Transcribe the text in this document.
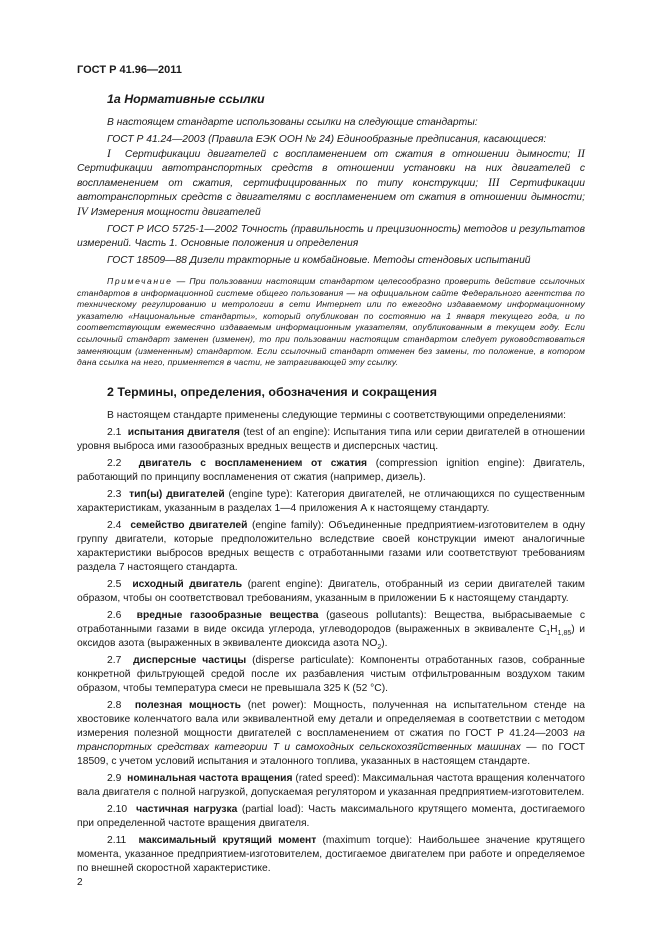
ГОСТ Р 41.96—2011
1а Нормативные ссылки

В настоящем стандарте использованы ссылки на следующие стандарты:

ГОСТ Р 41.24—2003 (Правила ЕЭК ООН № 24) Единообразные предписания, касающиеся:

I Сертификации двигателей с воспламенением от сжатия в отношении дымности; II Сертификации автотранспортных средств в отношении установки на них двигателей с воспламенением от сжатия, сертифицированных по типу конструкции; III Сертификации автотранспортных средств с двигателями с воспламенением от сжатия в отношении дымности; IV Измерения мощности двигателей

ГОСТ Р ИСО 5725-1—2002 Точность (правильность и прецизионность) методов и результатов измерений. Часть 1. Основные положения и определения

ГОСТ 18509—88 Дизели тракторные и комбайновые. Методы стендовых испытаний

Примечание — При пользовании настоящим стандартом целесообразно проверить действие ссылочных стандартов в информационной системе общего пользования — на официальном сайте Федерального агентства по техническому регулированию и метрологии в сети Интернет или по ежегодно издаваемому информационному указателю «Национальные стандарты», который опубликован по состоянию на 1 января текущего года, и по соответствующим ежемесячно издаваемым информационным указателям, опубликованным в текущем году. Если ссылочный стандарт заменен (изменен), то при пользовании настоящим стандартом следует руководствоваться заменяющим (измененным) стандартом. Если ссылочный стандарт отменен без замены, то положение, в котором дана ссылка на него, применяется в части, не затрагивающей эту ссылку.

2 Термины, определения, обозначения и сокращения

В настоящем стандарте применены следующие термины с соответствующими определениями:

2.1 испытания двигателя (test of an engine): Испытания типа или серии двигателей в отношении уровня выброса ими газообразных вредных веществ и дисперсных частиц.

2.2 двигатель с воспламенением от сжатия (compression ignition engine): Двигатель, работающий по принципу воспламенения от сжатия (например, дизель).

2.3 тип(ы) двигателей (engine type): Категория двигателей, не отличающихся по существенным характеристикам, указанным в разделах 1—4 приложения А к настоящему стандарту.

2.4 семейство двигателей (engine family): Объединенные предприятием-изготовителем в одну группу двигатели, которые предположительно вследствие своей конструкции имеют аналогичные характеристики выбросов вредных веществ с отработанными газами или соответствуют требованиям раздела 7 настоящего стандарта.

2.5 исходный двигатель (parent engine): Двигатель, отобранный из серии двигателей таким образом, чтобы он соответствовал требованиям, указанным в приложении Б к настоящему стандарту.

2.6 вредные газообразные вещества (gaseous pollutants): Вещества, выбрасываемые с отработанными газами в виде оксида углерода, углеводородов (выраженных в эквиваленте $C_1H_{1,85}$) и оксидов азота (выраженных в эквиваленте диоксида азота $NO_2$).

2.7 дисперсные частицы (disperse particulate): Компоненты отработанных газов, собранные конкретной фильтрующей средой после их разбавления чистым отфильтрованным воздухом таким образом, чтобы температура смеси не превышала 325 К (52 °С).

2.8 полезная мощность (net power): Мощность, полученная на испытательном стенде на хвостовике коленчатого вала или эквивалентной ему детали и определяемая в соответствии с методом измерения полезной мощности двигателей с воспламенением от сжатия по ГОСТ Р 41.24—2003 на транспортных средствах категории Т и самоходных сельскохозяйственных машинах — по ГОСТ 18509, с учетом условий испытания и эталонного топлива, указанных в настоящем стандарте.

2.9 номинальная частота вращения (rated speed): Максимальная частота вращения коленчатого вала двигателя с полной нагрузкой, допускаемая регулятором и указанная предприятием-изготовителем.

2.10 частичная нагрузка (partial load): Часть максимального крутящего момента, достигаемого при определенной частоте вращения двигателя.

2.11 максимальный крутящий момент (maximum torque): Наибольшее значение крутящего момента, указанное предприятием-изготовителем, достигаемое двигателем при работе и определяемое по внешней скоростной характеристике.

2
